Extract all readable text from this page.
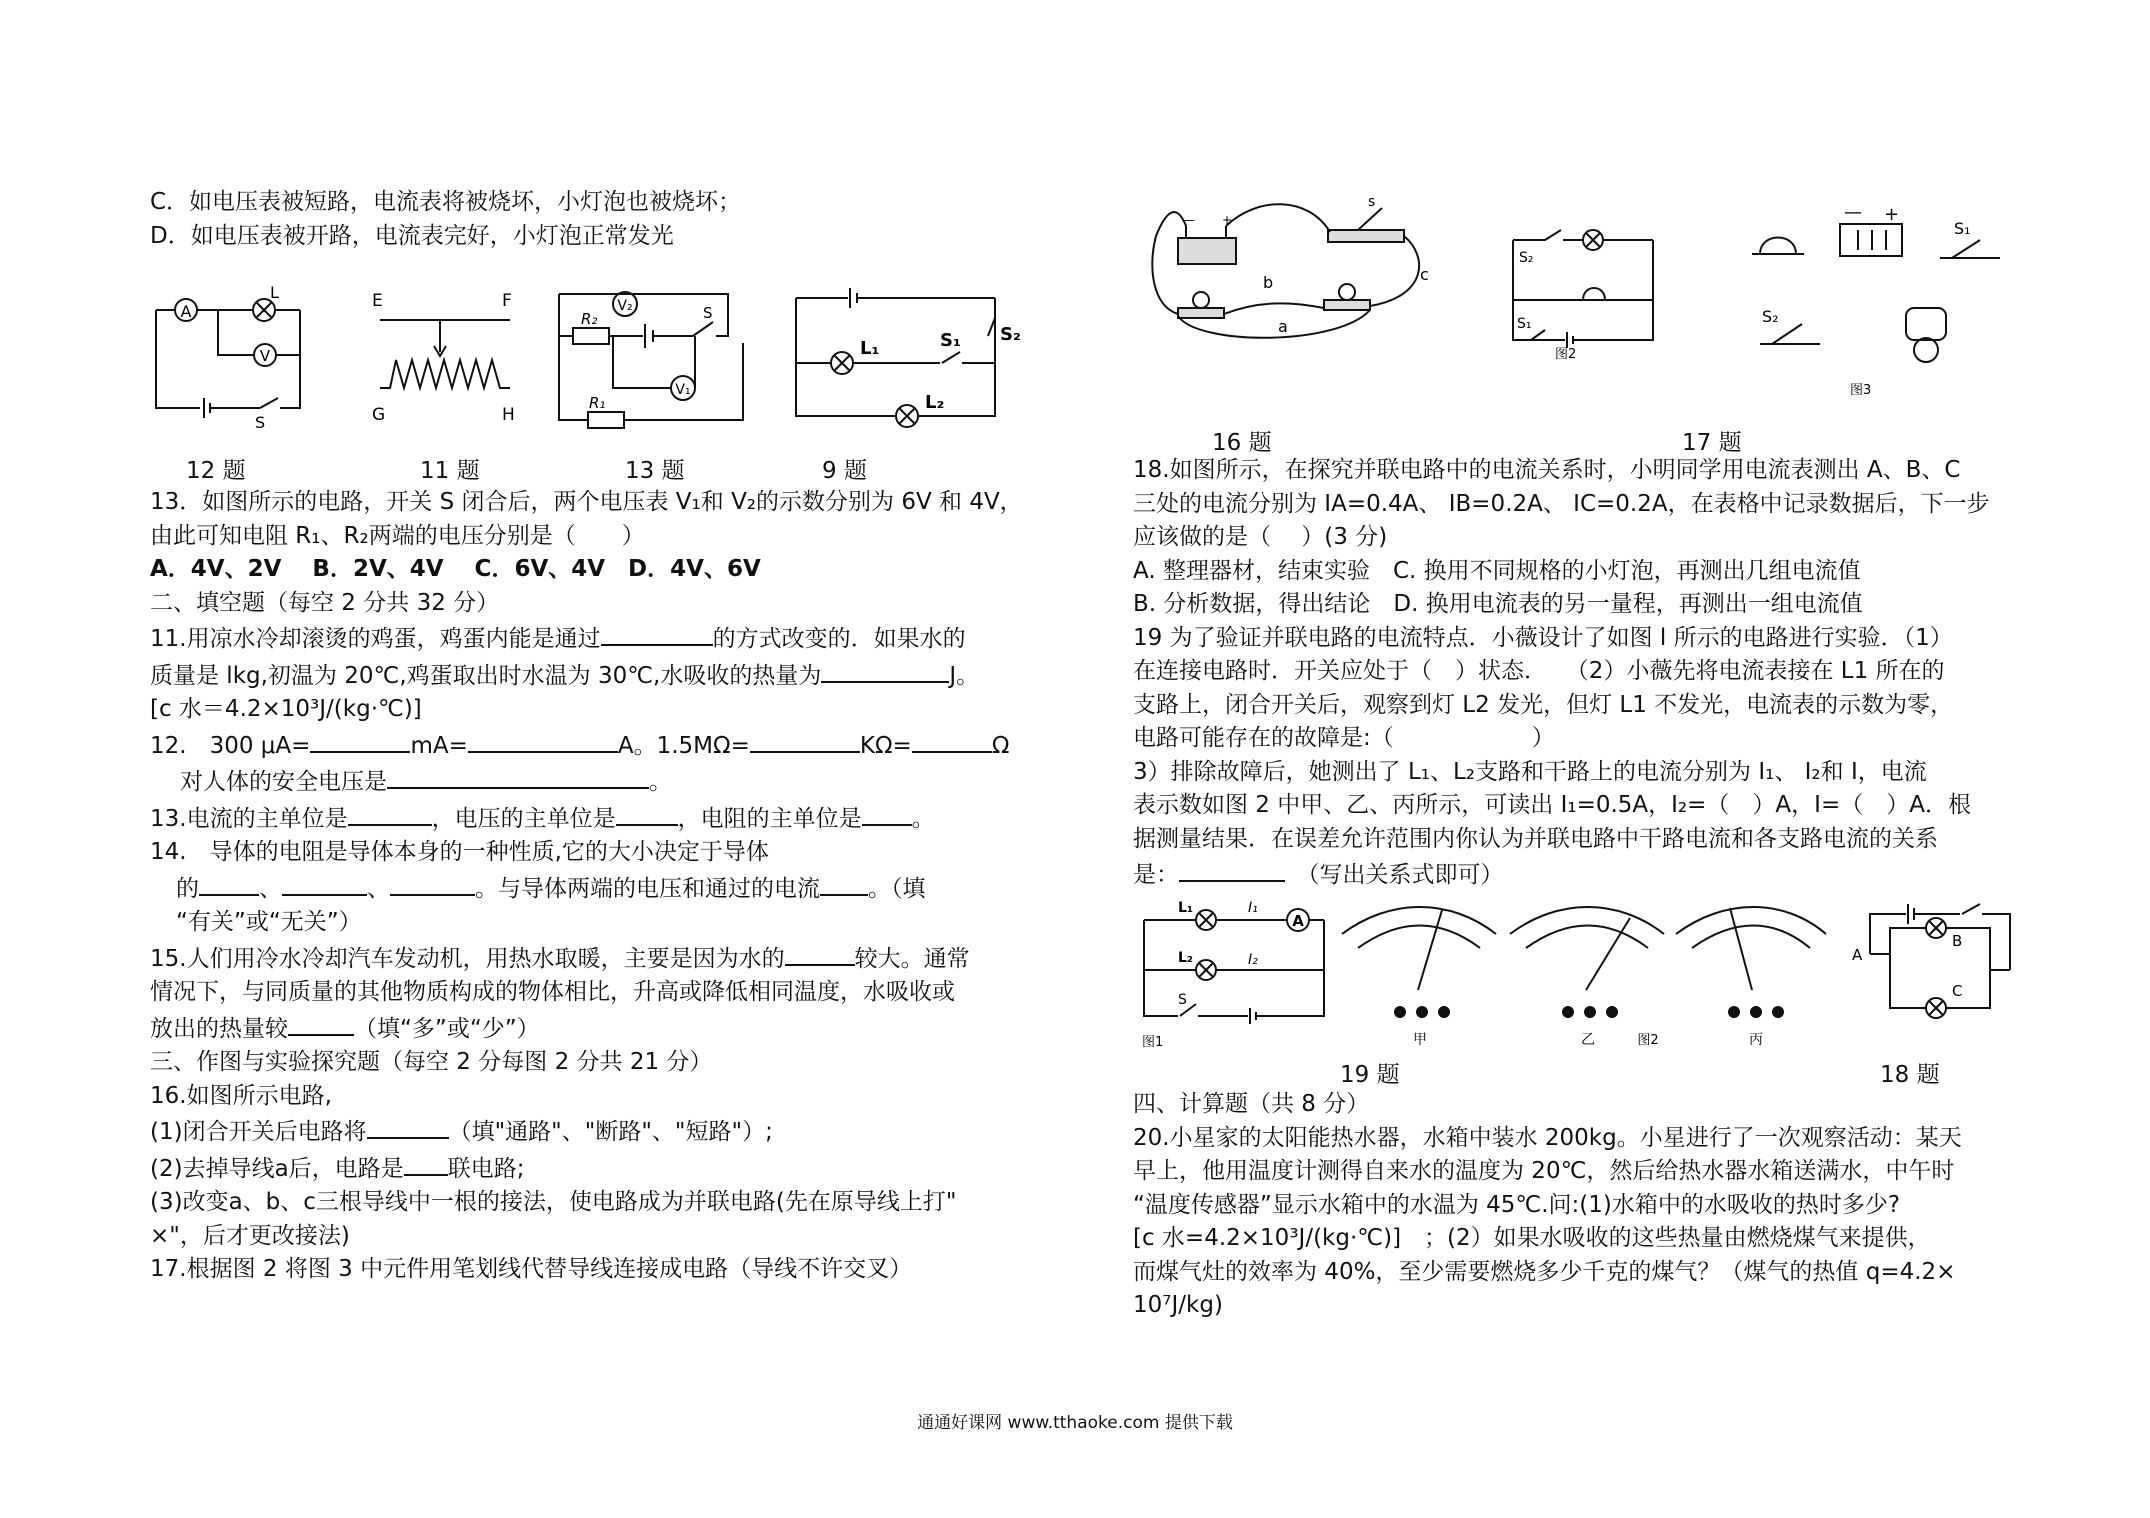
C．如电压表被短路，电流表将被烧坏，小灯泡也被烧坏；
D．如电压表被开路，电流表完好，小灯泡正常发光
A
V
L
S
E	F
G	H
V₂
V₁
R₂
R₁
S
L₁
L₂
S₁ S₂
12 题	11 题	13 题	9 题
13．如图所示的电路，开关 S 闭合后，两个电压表 V₁和 V₂的示数分别为 6V 和 4V，
由此可知电阻 R₁、R₂两端的电压分别是（　　）
A．4V、2V　 B．2V、4V　 C．6V、4V　D．4V、6V
二、填空题（每空 2 分共 32 分）
11.用凉水冷却滚烫的鸡蛋，鸡蛋内能是通过	的方式改变的．如果水的
质量是 lkg,初温为 20℃,鸡蛋取出时水温为 30℃,水吸收的热量为	J。
[c 水＝4.2×10³J/(kg·℃)]
12.　300 μA=	mA=	A。1.5MΩ=	KΩ=	Ω
对人体的安全电压是	。
13.电流的主单位是	，电压的主单位是	，电阻的主单位是 。
14.　导体的电阻是导体本身的一种性质,它的大小决定于导体
的	、	、	。与导体两端的电压和通过的电流 。（填
“有关”或“无关”）
15.人们用冷水冷却汽车发动机，用热水取暖，主要是因为水的	较大。通常
情况下，与同质量的其他物质构成的物体相比，升高或降低相同温度，水吸收或
放出的热量较	（填“多”或“少”）
三、作图与实验探究题（每空 2 分每图 2 分共 21 分）
16.如图所示电路,
(1)闭合开关后电路将	（填"通路"、"断路"、"短路"）;
(2)去掉导线a后，电路是 联电路;
(3)改变a、b、c三根导线中一根的接法，使电路成为并联电路(先在原导线上打"
×"，后才更改接法)
17.根据图 2 将图 3 中元件用笔划线代替导线连接成电路（导线不许交叉）
— +
s
b
a
c
S₂
S₁
图2
— +
S₁
S₂
图3
16 题	17 题
18.如图所示，在探究并联电路中的电流关系时，小明同学用电流表测出 A、B、C
三处的电流分别为 IA=0.4A、 IB=0.2A、 IC=0.2A，在表格中记录数据后，下一步
应该做的是（　 ）(3 分)
A. 整理器材，结束实验　C. 换用不同规格的小灯泡，再测出几组电流值
B. 分析数据，得出结论　D. 换用电流表的另一量程，再测出一组电流值
19 为了验证并联电路的电流特点．小薇设计了如图 l 所示的电路进行实验．（1）
在连接电路时．开关应处于（　）状态．　 （2）小薇先将电流表接在 L1 所在的
支路上，闭合开关后，观察到灯 L2 发光，但灯 L1 不发光，电流表的示数为零，
电路可能存在的故障是:（　　　　　　）
3）排除故障后，她测出了 L₁、L₂支路和干路上的电流分别为 I₁、 I₂和 I，电流
表示数如图 2 中甲、乙、丙所示，可读出 I₁=0.5A，I₂=（　）A，I=（　）A．根
据测量结果．在误差允许范围内你认为并联电路中干路电流和各支路电流的关系
是：　	（写出关系式即可）
A
L₁
L₂
I₁
I₂
S
图1	甲	乙	图2	丙
A
B
C
19 题	18 题
四、计算题（共 8 分）
20.小星家的太阳能热水器，水箱中装水 200kg。小星进行了一次观察活动：某天
早上，他用温度计测得自来水的温度为 20℃，然后给热水器水箱送满水，中午时
“温度传感器”显示水箱中的水温为 45℃.问:(1)水箱中的水吸收的热时多少?
[c 水=4.2×10³J/(kg·℃)]　；(2）如果水吸收的这些热量由燃烧煤气来提供，
而煤气灶的效率为 40%，至少需要燃烧多少千克的煤气？（煤气的热值 q=4.2×
10⁷J/kg)
通通好课网 www.tthaoke.com 提供下载
